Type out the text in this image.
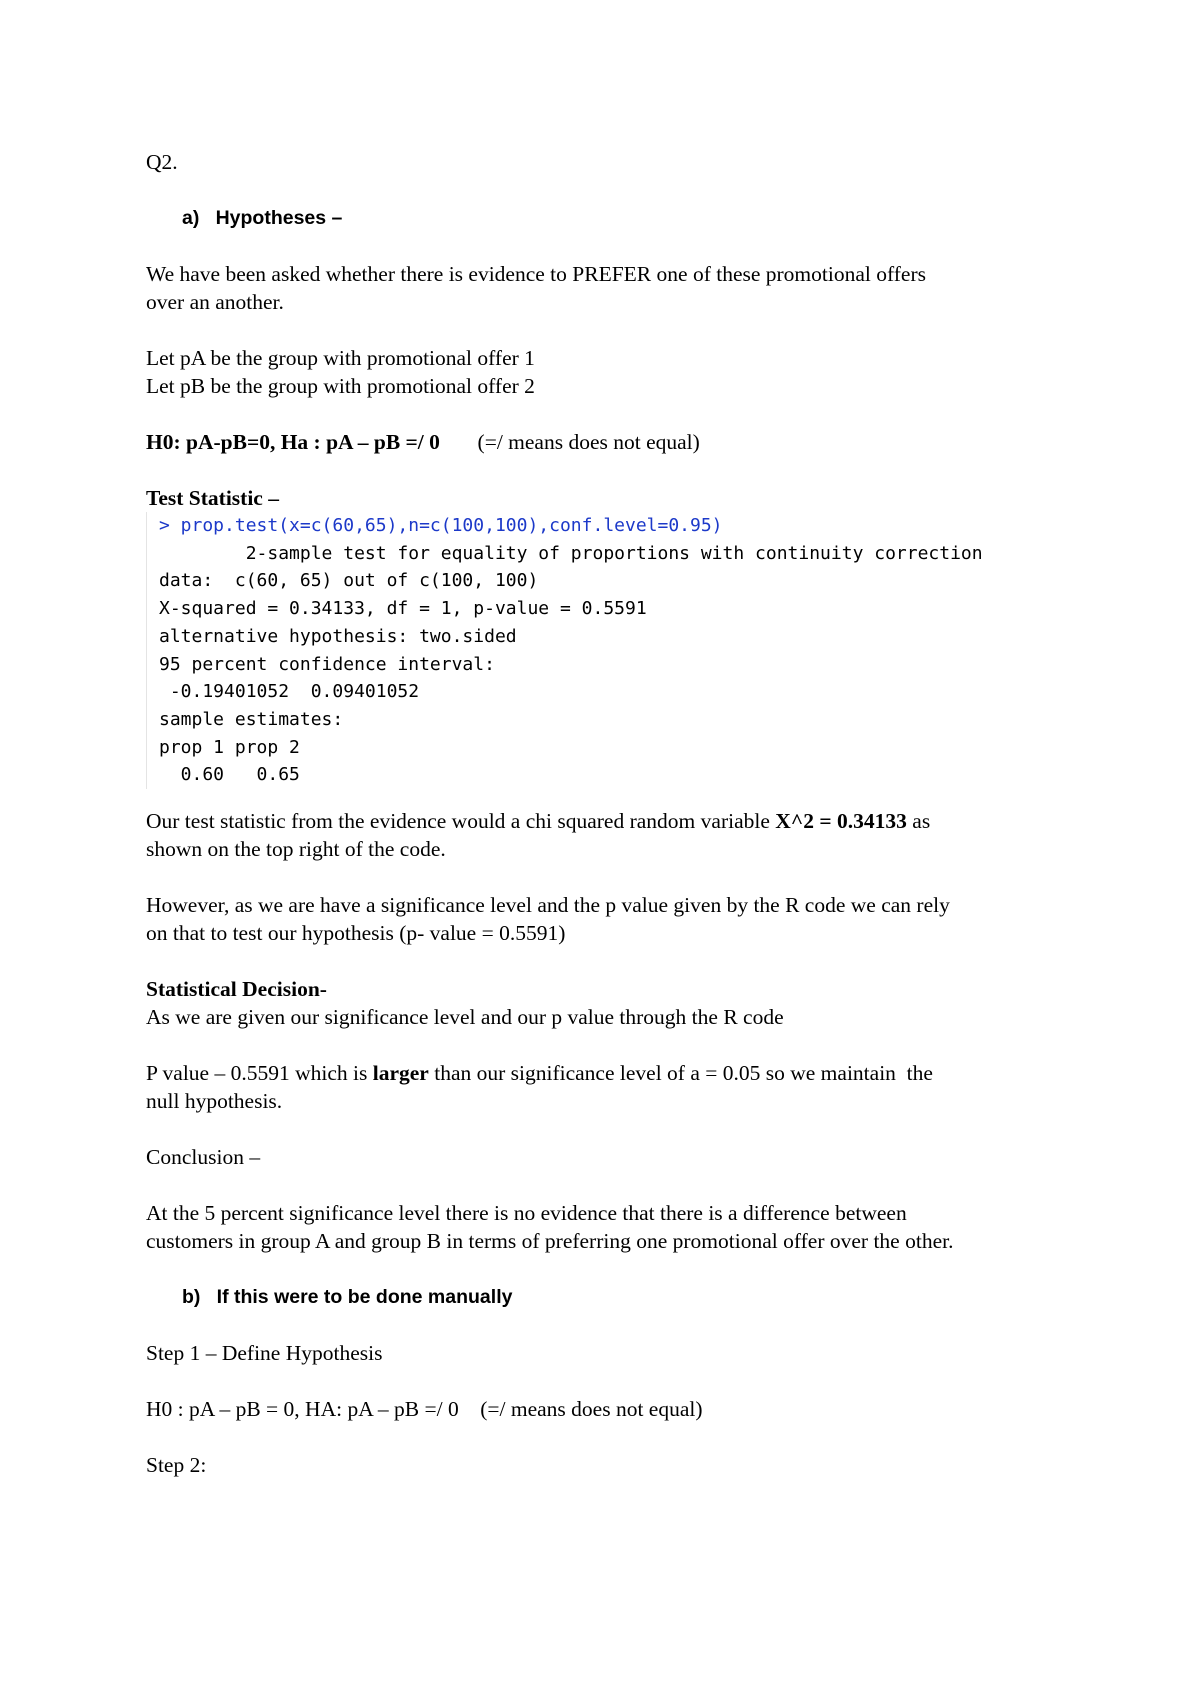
Q2.

a)   Hypotheses –

We have been asked whether there is evidence to PREFER one of these promotional offers

over an another.

Let pA be the group with promotional offer 1

Let pB be the group with promotional offer 2

H0: pA-pB=0, Ha : pA – pB =/ 0 (=/ means does not equal)

Test Statistic –

> prop.test(x=c(60,65),n=c(100,100),conf.level=0.95)
2-sample test for equality of proportions with continuity correction
data:  c(60, 65) out of c(100, 100)
X-squared = 0.34133, df = 1, p-value = 0.5591
alternative hypothesis: two.sided
95 percent confidence interval:
-0.19401052  0.09401052
sample estimates:
prop 1 prop 2
0.60   0.65

Our test statistic from the evidence would a chi squared random variable X^2 = 0.34133 as

shown on the top right of the code.

However, as we are have a significance level and the p value given by the R code we can rely

on that to test our hypothesis (p- value = 0.5591)

Statistical Decision-

As we are given our significance level and our p value through the R code

P value – 0.5591 which is larger than our significance level of a = 0.05 so we maintain  the

null hypothesis.

Conclusion –

At the 5 percent significance level there is no evidence that there is a difference between

customers in group A and group B in terms of preferring one promotional offer over the other.

b)   If this were to be done manually

Step 1 – Define Hypothesis

H0 : pA – pB = 0, HA: pA – pB =/ 0    (=/ means does not equal)

Step 2:
